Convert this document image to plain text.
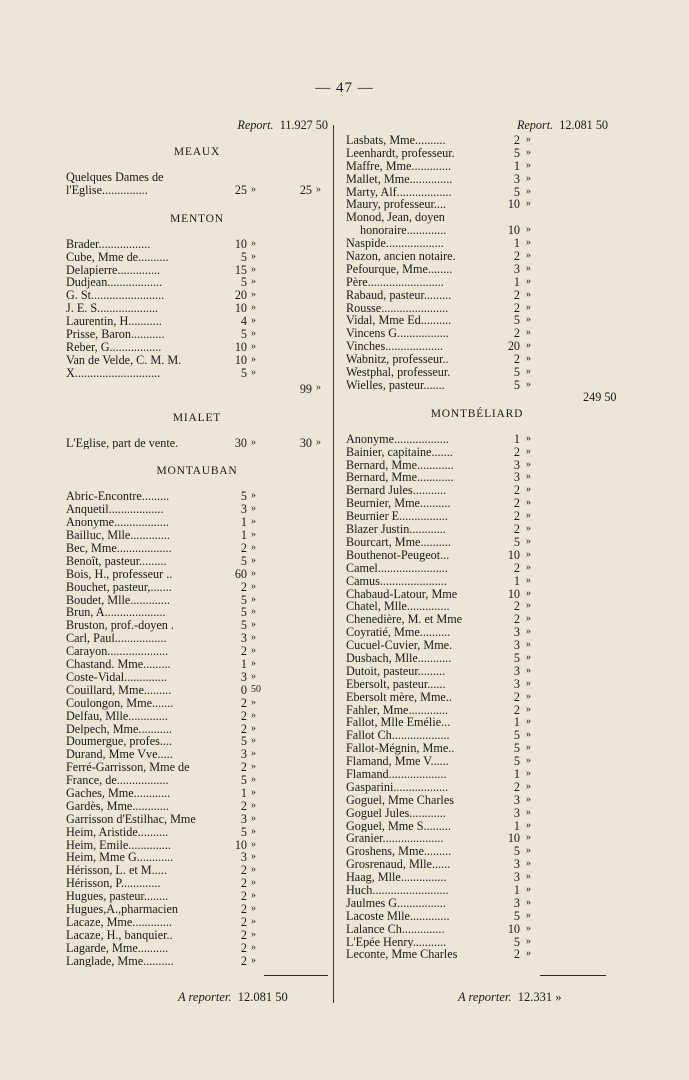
— 47 —
Report. 11.927 50
MEAUX
Quelques Dames de
l'Eglise...............	25 »	25 »
MENTON
Brader.................	10 »
Cube, Mme de..........	5 »
Delapierre..............	15 »
Dudjean..................	5 »
G. St........................	20 »
J. E. S....................	10 »
Laurentin, H...........	4 »
Prisse, Baron...........	5 »
Reber, G.................	10 »
Van de Velde, C. M. M.	10 »
X............................	5 »
99 »
MIALET
L'Eglise, part de vente.	30 »	30 »
MONTAUBAN
Abric-Encontre.........	5 »
Anquetil..................	3 »
Anonyme..................	1 »
Bailluc, Mlle.............	1 »
Bec, Mme..................	2 »
Benoît, pasteur.........	5 »
Bois, H., professeur ..	60 »
Bouchet, pasteur,.......	2 »
Boudet, Mlle.............	5 »
Brun, A....................	5 »
Bruston, prof.-doyen .	5 »
Carl, Paul.................	3 »
Carayon....................	2 »
Chastand. Mme.........	1 »
Coste-Vidal..............	3 »
Couillard, Mme.........	0 50
Coulongon, Mme.......	2 »
Delfau, Mlle.............	2 »
Delpech, Mme...........	2 »
Doumergue, profes....	5 »
Durand, Mme Vve.....	3 »
Ferré-Garrisson, Mme de	2 »
France, de.................	5 »
Gaches, Mme............	1 »
Gardès, Mme............	2 »
Garrisson d'Estilhac, Mme	3 »
Heim, Aristide..........	5 »
Heim, Emile..............	10 »
Heim, Mme G............	3 »
Hérisson, L. et M.....	2 »
Hérisson, P.............	2 »
Hugues, pasteur........	2 »
Hugues,A.,pharmacien	2 »
Lacaze, Mme.............	2 »
Lacaze, H., banquier..	2 »
Lagarde, Mme..........	2 »
Langlade, Mme..........	2 »
Report. 12.081 50
Lasbats, Mme..........	2 »
Leenhardt, professeur.	5 »
Maffre, Mme.............	1 »
Mallet, Mme..............	3 »
Marty, Alf..................	5 »
Maury, professeur....	10 »
Monod, Jean, doyen
honoraire.............	10 »
Naspide...................	1 »
Nazon, ancien notaire.	2 »
Pefourque, Mme........	3 »
Père.........................	1 »
Rabaud, pasteur.........	2 »
Rousse......................	2 »
Vidal, Mme Ed..........	5 »
Vincens G.................	2 »
Vinches...................	20 »
Wabnitz, professeur..	2 »
Westphal, professeur.	5 »
Wielles, pasteur.......	5 »
MONTBÉLIARD
Anonyme..................	1 »
Bainier, capitaine.......	2 »
Bernard, Mme............	3 »
Bernard, Mme............	3 »
Bernard Jules...........	2 »
Beurnier, Mme..........	2 »
Beurnier E................	2 »
Blazer Justin............	2 »
Bourcart, Mme..........	5 »
Bouthenot-Peugeot...	10 »
Camel.......................	2 »
Camus......................	1 »
Chabaud-Latour, Mme	10 »
Chatel, Mlle..............	2 »
Chenedière, M. et Mme	2 »
Coyratié, Mme..........	3 »
Cucuel-Cuvier, Mme.	3 »
Dusbach, Mlle...........	5 »
Dutoit, pasteur.........	3 »
Ebersolt, pasteur......	3 »
Ebersolt mère, Mme..	2 »
Fahler, Mme.............	2 »
Fallot, Mlle Emélie...	1 »
Fallot Ch...................	5 »
Fallot-Mégnin, Mme..	5 »
Flamand, Mme V......	5 »
Flamand...................	1 »
Gasparini..................	2 »
Goguel, Mme Charles	3 »
Goguel Jules............	3 »
Goguel, Mme S.........	1 »
Granier....................	10 »
Groshens, Mme.........	5 »
Grosrenaud, Mlle......	3 »
Haag, Mlle...............	3 »
Huch.........................	1 »
Jaulmes G................	3 »
Lacoste Mlle.............	5 »
Lalance Ch..............	10 »
L'Epée Henry...........	5 »
Leconte, Mme Charles	2 »
249 50
A reporter. 12.081 50	A reporter. 12.331 »
